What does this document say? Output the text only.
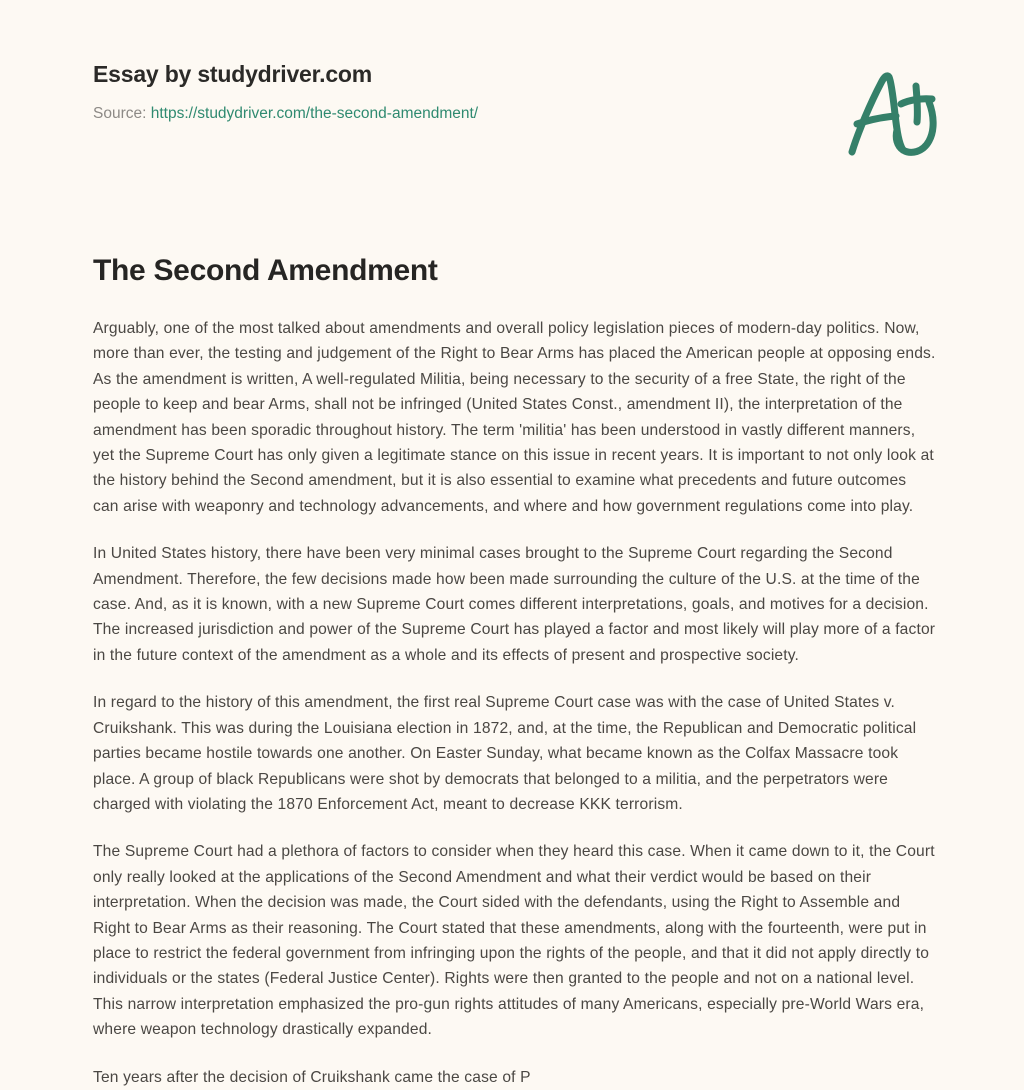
Essay by studydriver.com

Source: https://studydriver.com/the-second-amendment/

The Second Amendment

Arguably, one of the most talked about amendments and overall policy legislation pieces of modern-day politics. Now, more than ever, the testing and judgement of the Right to Bear Arms has placed the American people at opposing ends. As the amendment is written, A well-regulated Militia, being necessary to the security of a free State, the right of the people to keep and bear Arms, shall not be infringed (United States Const., amendment II), the interpretation of the amendment has been sporadic throughout history. The term 'militia' has been understood in vastly different manners, yet the Supreme Court has only given a legitimate stance on this issue in recent years. It is important to not only look at the history behind the Second amendment, but it is also essential to examine what precedents and future outcomes can arise with weaponry and technology advancements, and where and how government regulations come into play.

In United States history, there have been very minimal cases brought to the Supreme Court regarding the Second Amendment. Therefore, the few decisions made how been made surrounding the culture of the U.S. at the time of the case. And, as it is known, with a new Supreme Court comes different interpretations, goals, and motives for a decision. The increased jurisdiction and power of the Supreme Court has played a factor and most likely will play more of a factor in the future context of the amendment as a whole and its effects of present and prospective society.

In regard to the history of this amendment, the first real Supreme Court case was with the case of United States v. Cruikshank. This was during the Louisiana election in 1872, and, at the time, the Republican and Democratic political parties became hostile towards one another. On Easter Sunday, what became known as the Colfax Massacre took place. A group of black Republicans were shot by democrats that belonged to a militia, and the perpetrators were charged with violating the 1870 Enforcement Act, meant to decrease KKK terrorism.

The Supreme Court had a plethora of factors to consider when they heard this case. When it came down to it, the Court only really looked at the applications of the Second Amendment and what their verdict would be based on their interpretation. When the decision was made, the Court sided with the defendants, using the Right to Assemble and Right to Bear Arms as their reasoning. The Court stated that these amendments, along with the fourteenth, were put in place to restrict the federal government from infringing upon the rights of the people, and that it did not apply directly to individuals or the states (Federal Justice Center). Rights were then granted to the people and not on a national level. This narrow interpretation emphasized the pro-gun rights attitudes of many Americans, especially pre-World Wars era, where weapon technology drastically expanded.

Ten years after the decision of Cruikshank came the case of P
